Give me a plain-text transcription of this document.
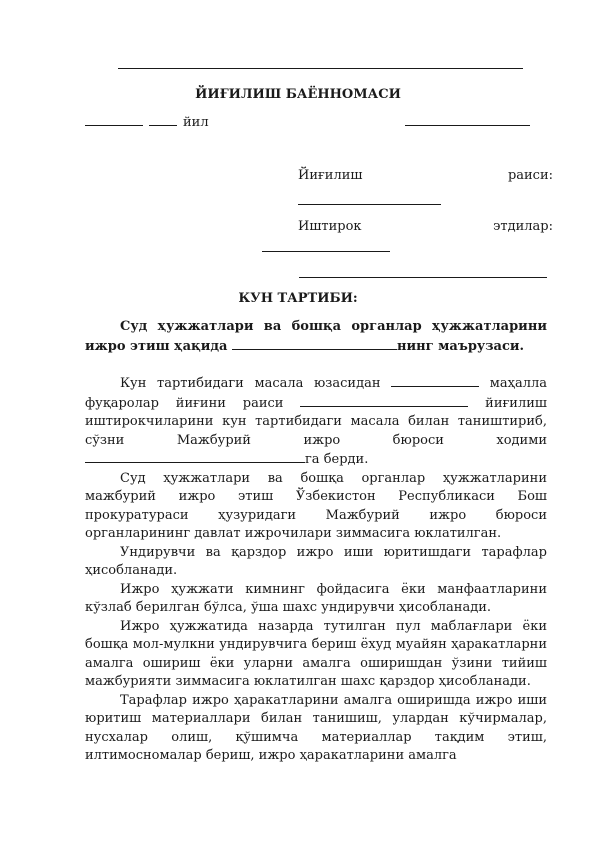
ЙИҒИЛИШ БАЁННОМАСИ
йил
Йиғилиш	раиси:
Иштирок	этдилар:
КУН ТАРТИБИ:

Суд ҳужжатлари ва бошқа органлар ҳужжатларини ижро этиш ҳақида	нинг маърузаси.

Кун тартибидаги масала юзасидан	маҳалла фуқаролар йиғини раиси	йиғилиш иштирокчиларини кун тартибидаги масала билан таништириб, сўзни Мажбурий ижро бюроси ходими га берди.

Суд ҳужжатлари ва бошқа органлар ҳужжатларини мажбурий ижро этиш Ўзбекистон Республикаси Бош прокуратураси ҳузуридаги Мажбурий ижро бюроси органларининг давлат ижрочилари зиммасига юклатилган.

Ундирувчи ва қарздор ижро иши юритишдаги тарафлар ҳисобланади.

Ижро ҳужжати кимнинг фойдасига ёки манфаатларини кўзлаб берилган бўлса, ўша шахс ундирувчи ҳисобланади.

Ижро ҳужжатида назарда тутилган пул маблағлари ёки бошқа мол-мулкни ундирувчига бериш ёхуд муайян ҳаракатларни амалга ошириш ёки уларни амалга оширишдан ўзини тийиш мажбурияти зиммасига юклатилган шахс қарздор ҳисобланади.

Тарафлар ижро ҳаракатларини амалга оширишда ижро иши юритиш материаллари билан танишиш, улардан кўчирмалар, нусхалар олиш, қўшимча материаллар тақдим этиш, илтимосномалар бериш, ижро ҳаракатларини амалга
